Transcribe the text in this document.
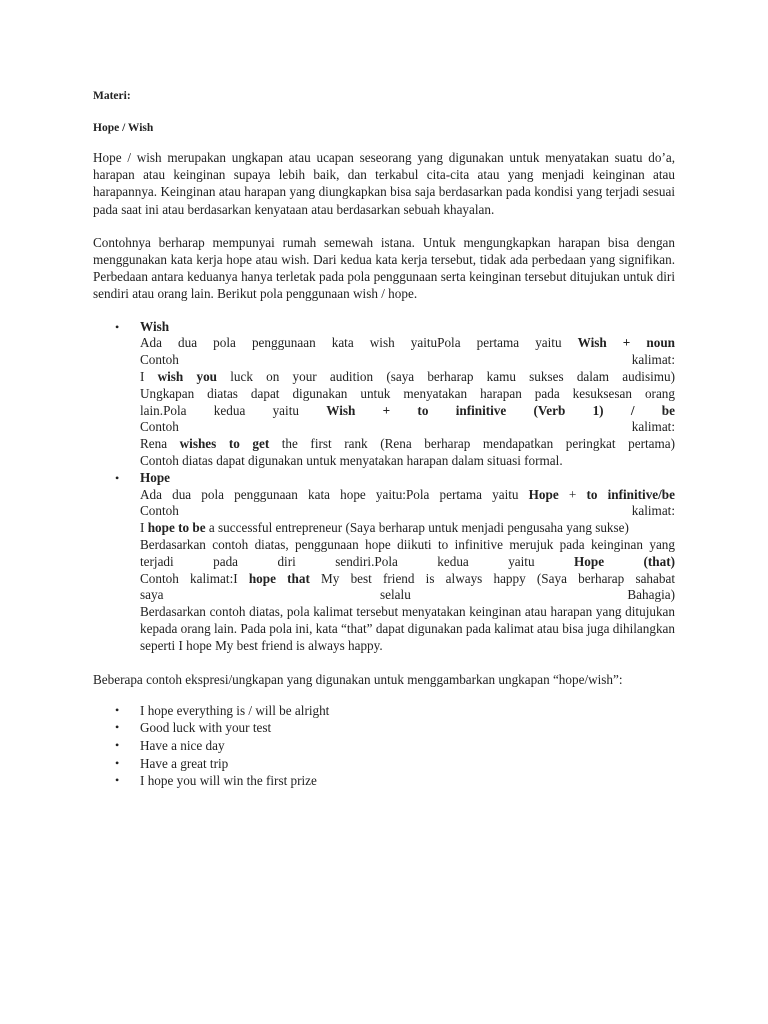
Materi:

Hope / Wish

Hope / wish merupakan ungkapan atau ucapan seseorang yang digunakan untuk menyatakan suatu do’a, harapan atau keinginan supaya lebih baik, dan terkabul cita-cita atau yang menjadi keinginan atau harapannya. Keinginan atau harapan yang diungkapkan bisa saja berdasarkan pada kondisi yang terjadi sesuai pada saat ini atau berdasarkan kenyataan atau berdasarkan sebuah khayalan.

Contohnya berharap mempunyai rumah semewah istana. Untuk mengungkapkan harapan bisa dengan menggunakan kata kerja hope atau wish. Dari kedua kata kerja tersebut, tidak ada perbedaan yang signifikan. Perbedaan antara keduanya hanya terletak pada pola penggunaan serta keinginan tersebut ditujukan untuk diri sendiri atau orang lain. Berikut pola penggunaan wish / hope.

• Wish
Ada dua pola penggunaan kata wish yaituPola pertama yaitu Wish + noun
Contoh	kalimat:
I wish you luck on your audition (saya berharap kamu sukses dalam audisimu)
Ungkapan diatas dapat digunakan untuk menyatakan harapan pada kesuksesan orang
lain.Pola kedua yaitu Wish + to infinitive (Verb 1) / be
Contoh	kalimat:
Rena wishes to get the first rank (Rena berharap mendapatkan peringkat pertama)
Contoh diatas dapat digunakan untuk menyatakan harapan dalam situasi formal.
• Hope
Ada dua pola penggunaan kata hope yaitu:Pola pertama yaitu Hope + to infinitive/be
Contoh	kalimat:
I hope to be a successful entrepreneur (Saya berharap untuk menjadi pengusaha yang sukse)
Berdasarkan contoh diatas, penggunaan hope diikuti to infinitive merujuk pada keinginan yang terjadi pada diri sendiri.Pola kedua yaitu Hope (that)
Contoh kalimat:I hope that My best friend is always happy (Saya berharap sahabat
saya	selalu	Bahagia)
Berdasarkan contoh diatas, pola kalimat tersebut menyatakan keinginan atau harapan yang ditujukan kepada orang lain. Pada pola ini, kata “that” dapat digunakan pada kalimat atau bisa juga dihilangkan seperti I hope My best friend is always happy.

Beberapa contoh ekspresi/ungkapan yang digunakan untuk menggambarkan ungkapan “hope/wish”:

• I hope everything is / will be alright
• Good luck with your test
• Have a nice day
• Have a great trip
• I hope you will win the first prize
